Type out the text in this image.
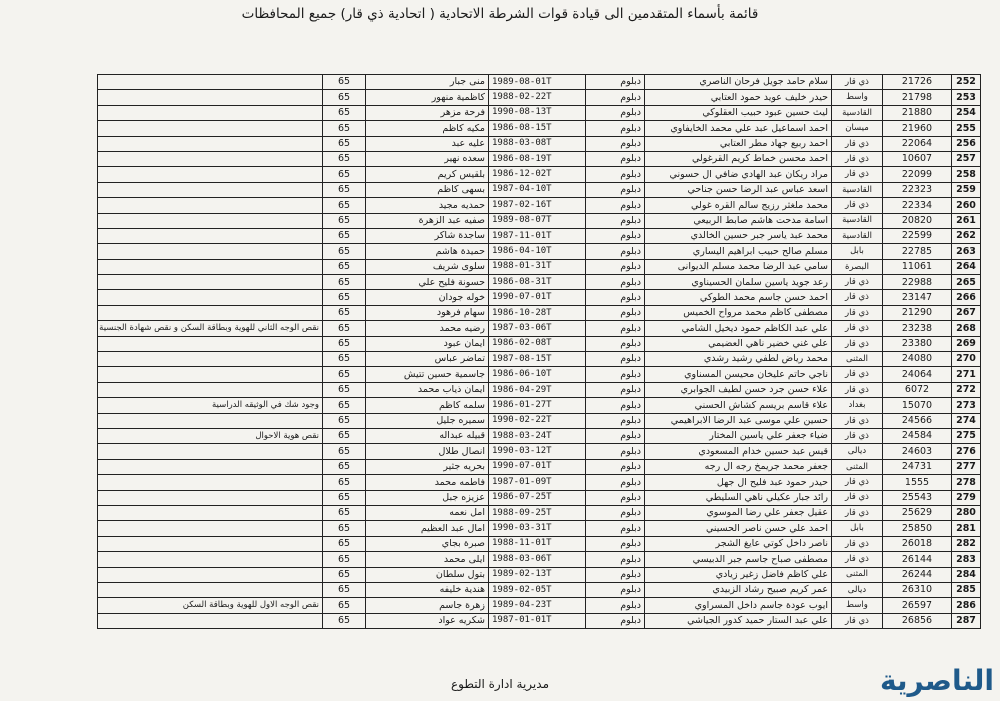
قائمة بأسماء المتقدمين الى قيادة قوات الشرطة الاتحادية ( اتحادية ذي قار) جميع المحافظات
	65	منى جبار	1989-08-01T	دبلوم	سلام حامد جويل فرحان الناصري	ذي قار	21726	252
	65	كاظمية منهور	1988-02-22T	دبلوم	حيدر خليف عويد حمود العتابي	واسط	21798	253
	65	فرحة مزهر	1990-08-13T	دبلوم	ليث حسين عبود حبيب العقلوكي	القادسية	21880	254
	65	مكيه كاظم	1986-08-15T	دبلوم	احمد اسماعيل عبد علي محمد الخايفاوي	ميسان	21960	255
	65	عليه عبد	1988-03-08T	دبلوم	احمد ربيع جهاد مطر العتابي	ذي قار	22064	256
	65	سعده نهير	1986-08-19T	دبلوم	احمد محسن خماط كريم القرغولي	ذي قار	10607	257
	65	بلقيس كريم	1986-12-02T	دبلوم	مراد ريكان عبد الهادي ضافي ال حسوني	ذي قار	22099	258
	65	بسهى كاظم	1987-04-10T	دبلوم	اسعد عباس عبد الرضا حسن جناحي	القادسية	22323	259
	65	حمديه مجيد	1987-02-16T	دبلوم	محمد ملغثر رزيج سالم القره غولي	ذي قار	22334	260
	65	صفيه عبد الزهرة	1989-08-07T	دبلوم	اسامة مدحت هاشم صابط الربيعي	القادسية	20820	261
	65	ساجدة شاكر	1987-11-01T	دبلوم	محمد عبد ياسر جبر حسين الخالدي	القادسية	22599	262
	65	حميدة هاشم	1986-04-10T	دبلوم	مسلم صالح حبيب ابراهيم اليساري	بابل	22785	263
	65	سلوى شريف	1988-01-31T	دبلوم	سامي عبد الرضا محمد مسلم الديوانى	البصرة	11061	264
	65	حسونة فليح علي	1986-08-31T	دبلوم	رعد جويد ياسين سلمان الحسيناوي	ذي قار	22988	265
	65	خوله جودان	1990-07-01T	دبلوم	احمد حسن جاسم محمد الطوكي	ذي قار	23147	266
	65	سهام فرهود	1986-10-28T	دبلوم	مصطفى كاظم محمد مرواح الخميس	ذي قار	21290	267
نقص الوجه الثاني للهوية وبطاقة السكن و نقص شهادة الجنسية	65	رضيه محمد	1987-03-06T	دبلوم	علي عبد الكاظم حمود ديخيل الشامي	ذي قار	23238	268
	65	ايمان عبود	1986-02-08T	دبلوم	علي غني خضير ناهي العضيمي	ذي قار	23380	269
	65	تماضر عباس	1987-08-15T	دبلوم	محمد رياض لطفي رشيد رشدي	المثنى	24080	270
	65	جاسمية حسين تتيش	1986-06-10T	دبلوم	ناجي حاتم عليخان محيسن المسناوي	ذي قار	24064	271
	65	ايمان ذياب محمد	1986-04-29T	دبلوم	علاء حسن جرد حسن لطيف الجوابري	ذي قار	6072	272
وجود شك في الوثيقه الدراسية	65	سلمه كاظم	1986-01-27T	دبلوم	علاء قاسم بريسم كشاش الحسني	بغداد	15070	273
	65	سميره جليل	1990-02-22T	دبلوم	حسين علي موسى عبد الرضا الابراهيمي	ذي قار	24566	274
نقص هوية الاحوال	65	قبيله عبداله	1988-03-24T	دبلوم	ضياء جعفر علي ياسين المختار	ذي قار	24584	275
	65	انصال طلال	1990-03-12T	دبلوم	قيس عبد حسين خدام المسعودي	ديالى	24603	276
	65	بحريه جثير	1990-07-01T	دبلوم	جعفر محمد جريمخ رجه ال رجه	المثنى	24731	277
	65	فاطمه محمد	1987-01-09T	دبلوم	حيدر حمود عبد فليح ال جهل	ذي قار	1555	278
	65	عزيزه جبل	1986-07-25T	دبلوم	رائد جبار عكيلي ناهي السليطي	ذي قار	25543	279
	65	امل نعمه	1988-09-25T	دبلوم	عقيل جعفر علي رضا الموسوي	ذي قار	25629	280
	65	امال عبد العظيم	1990-03-31T	دبلوم	احمد علي حسن ناصر الحسيني	بابل	25850	281
	65	صبرة بجاي	1988-11-01T	دبلوم	ناصر داخل كوتي عايغ الشجر	ذي قار	26018	282
	65	ايلى محمد	1988-03-06T	دبلوم	مصطفى صباح جاسم جبر الدبيسي	ذي قار	26144	283
	65	بتول سلطان	1989-02-13T	دبلوم	علي كاظم فاضل زغير زيادي	المثنى	26244	284
	65	هندية خليفه	1989-02-05T	دبلوم	عمر كريم صبيح رشاد الزبيدي	ديالى	26310	285
نقص الوجه الاول للهوية وبطاقة السكن	65	زهرة جاسم	1989-04-23T	دبلوم	ايوب عودة جاسم داخل المسراوي	واسط	26597	286
	65	شكريه عواد	1987-01-01T	دبلوم	علي عبد الستار حميد كدور الجياشي	ذي قار	26856	287
مديرية ادارة التطوع	الناصرية
